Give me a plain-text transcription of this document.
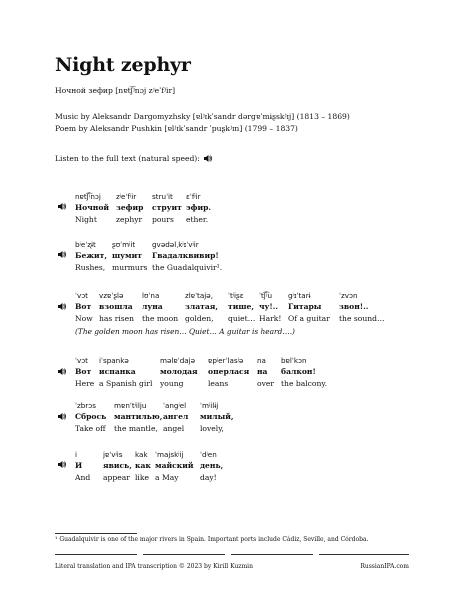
Night zephyr
Ночной зефир [nɐtʃ͡ʲnɔj zʲeˈfʲir]
Music by Aleksandr Dargomyzhsky [ɐlʲɪkˈsandr dərgɐˈmɨʂskʲɪj] (1813 – 1869)
Poem by Aleksandr Pushkin [ɐlʲɪkˈsandr ˈpuʂkʲɪn] (1799 – 1837)
Listen to the full text (natural speed):
nɐtʃ͡ʲnɔj
Ночной
Night
zʲeˈfʲir
зефир
zephyr
struˈit
струит
pours
ɛˈfʲir
эфир.
ether.
bʲeˈʐɨt
Бежит,
Rushes,
ʂʊˈmʲit
шумит
murmurs
gvədəlˌkʲɪˈvʲir
Гвадалквивир!
the Guadalquivir¹.
ˈvɔt
Вот
Now
vzɐˈʂlə
взошла
has risen
lʊˈna
луна
the moon
zlɐˈtajə,
златая,
golden,
ˈtʲiʂɛ
тише,
quiet…
ˈtʃ͡ʲu
чу!..
Hark!
gʲɪˈtarɨ
Гитары
Of a guitar
ˈzvɔn
звон!..
the sound…
(The golden moon has risen… Quiet… A guitar is heard….)
ˈvɔt
Вот
Here
iˈspankə
испанка
a Spanish girl
məlɐˈdajə
молодая
young
ɐpʲerˈlasʲə
оперлася
leans
na
на
over
bɐlˈkɔn
балкон!
the balcony.
ˈzbrɔs
Сбрось
Take off
mɐnˈtʲilju
мантилью,
the mantle,
ˈangʲel
ангел
angel
ˈmʲilɨj
милый,
lovely,
i
И
And
jɐˈvʲis
явись,
appear
kak
как
like
ˈmajskʲij
майский
a May
ˈdʲen
день,
day!
¹ Guadalquivir is one of the major rivers in Spain. Important ports include Cádiz, Seville, and Córdoba.
Literal translation and IPA transcription © 2023 by Kirill Kuzmin	RussianIPA.com
